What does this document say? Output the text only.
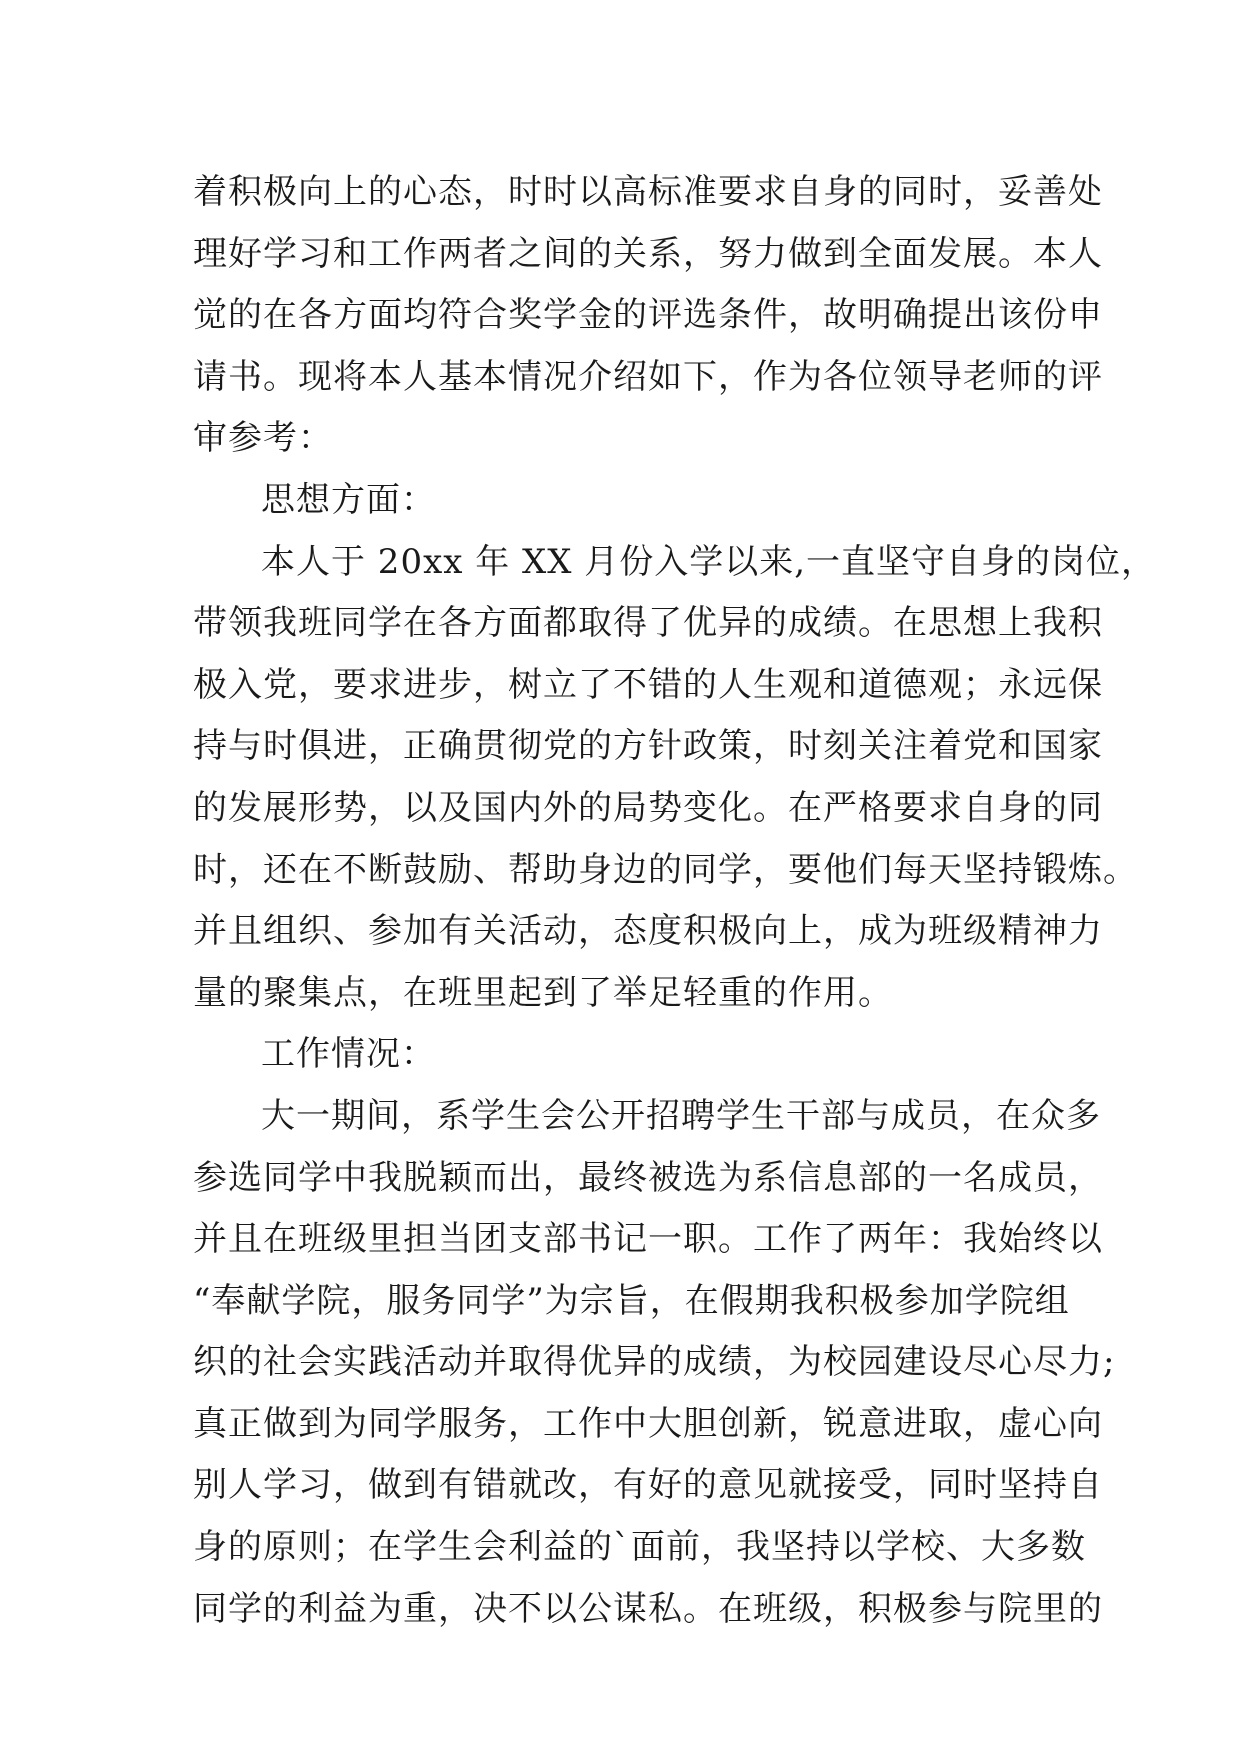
着积极向上的心态，时时以高标准要求自身的同时，妥善处
理好学习和工作两者之间的关系，努力做到全面发展。本人
觉的在各方面均符合奖学金的评选条件，故明确提出该份申
请书。现将本人基本情况介绍如下，作为各位领导老师的评
审参考：
思想方面：
本人于 20xx 年 XX 月份入学以来,一直坚守自身的岗位，
带领我班同学在各方面都取得了优异的成绩。在思想上我积
极入党，要求进步，树立了不错的人生观和道德观；永远保
持与时俱进，正确贯彻党的方针政策，时刻关注着党和国家
的发展形势，以及国内外的局势变化。在严格要求自身的同
时，还在不断鼓励、帮助身边的同学，要他们每天坚持锻炼。
并且组织、参加有关活动，态度积极向上，成为班级精神力
量的聚集点，在班里起到了举足轻重的作用。
工作情况：
大一期间，系学生会公开招聘学生干部与成员，在众多
参选同学中我脱颖而出，最终被选为系信息部的一名成员，
并且在班级里担当团支部书记一职。工作了两年：我始终以
“奉献学院，服务同学”为宗旨，在假期我积极参加学院组
织的社会实践活动并取得优异的成绩，为校园建设尽心尽力;
真正做到为同学服务，工作中大胆创新，锐意进取，虚心向
别人学习，做到有错就改，有好的意见就接受，同时坚持自
身的原则；在学生会利益的`面前，我坚持以学校、大多数
同学的利益为重，决不以公谋私。在班级，积极参与院里的
